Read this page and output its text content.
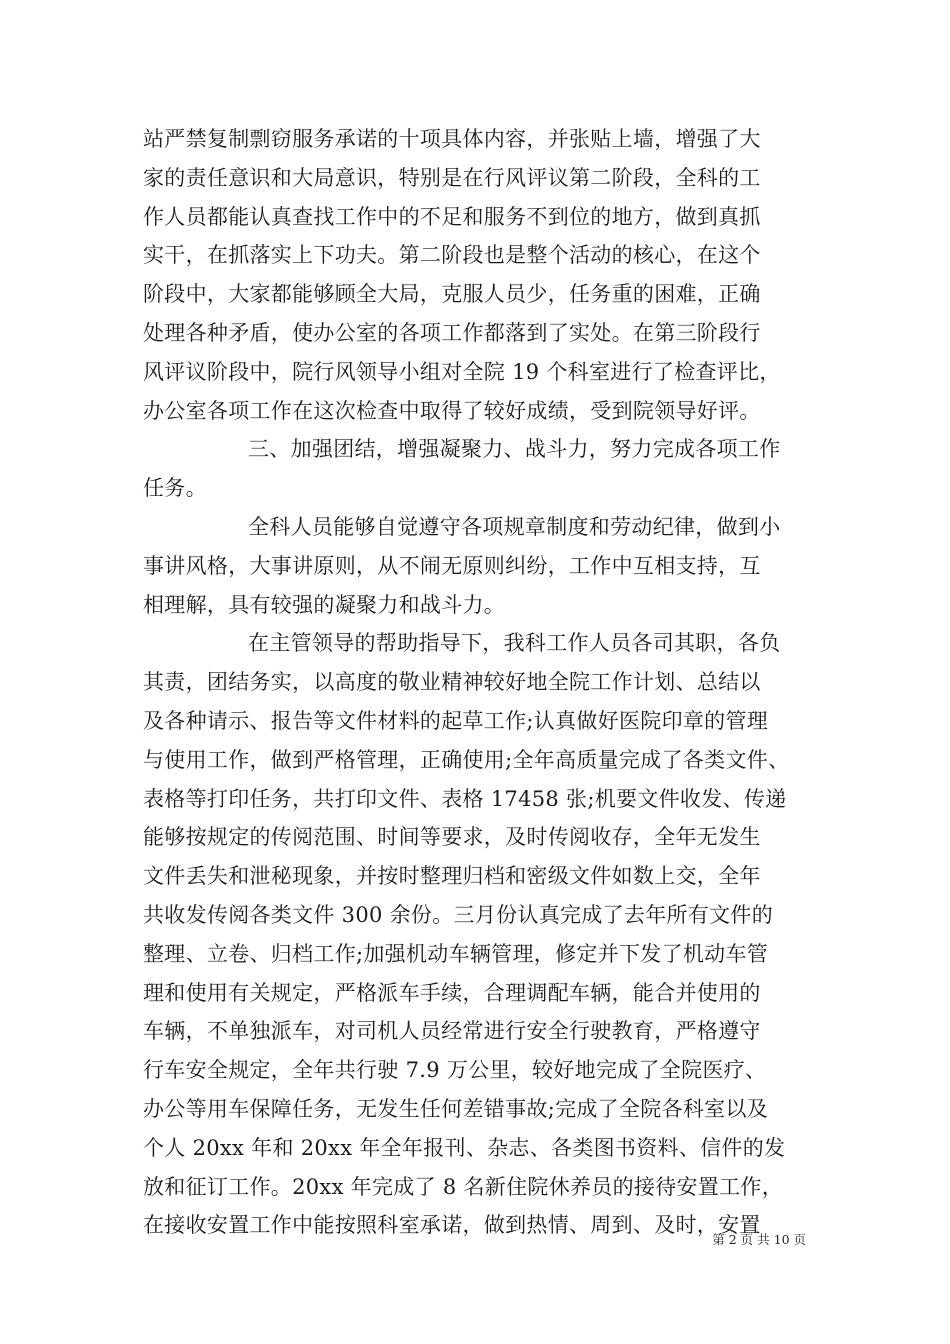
站严禁复制剽窃服务承诺的十项具体内容，并张贴上墙，增强了大
家的责任意识和大局意识，特别是在行风评议第二阶段，全科的工
作人员都能认真查找工作中的不足和服务不到位的地方，做到真抓
实干，在抓落实上下功夫。第二阶段也是整个活动的核心，在这个
阶段中，大家都能够顾全大局，克服人员少，任务重的困难，正确
处理各种矛盾，使办公室的各项工作都落到了实处。在第三阶段行
风评议阶段中，院行风领导小组对全院 19 个科室进行了检查评比，
办公室各项工作在这次检查中取得了较好成绩，受到院领导好评。
三、加强团结，增强凝聚力、战斗力，努力完成各项工作
任务。
全科人员能够自觉遵守各项规章制度和劳动纪律，做到小
事讲风格，大事讲原则，从不闹无原则纠纷，工作中互相支持，互
相理解，具有较强的凝聚力和战斗力。
在主管领导的帮助指导下，我科工作人员各司其职，各负
其责，团结务实，以高度的敬业精神较好地全院工作计划、总结以
及各种请示、报告等文件材料的起草工作;认真做好医院印章的管理
与使用工作，做到严格管理，正确使用;全年高质量完成了各类文件、
表格等打印任务，共打印文件、表格 17458 张;机要文件收发、传递
能够按规定的传阅范围、时间等要求，及时传阅收存，全年无发生
文件丢失和泄秘现象，并按时整理归档和密级文件如数上交，全年
共收发传阅各类文件 300 余份。三月份认真完成了去年所有文件的
整理、立卷、归档工作;加强机动车辆管理，修定并下发了机动车管
理和使用有关规定，严格派车手续，合理调配车辆，能合并使用的
车辆，不单独派车，对司机人员经常进行安全行驶教育，严格遵守
行车安全规定，全年共行驶 7.9 万公里，较好地完成了全院医疗、
办公等用车保障任务，无发生任何差错事故;完成了全院各科室以及
个人 20xx 年和 20xx 年全年报刊、杂志、各类图书资料、信件的发
放和征订工作。20xx 年完成了 8 名新住院休养员的接待安置工作，
在接收安置工作中能按照科室承诺，做到热情、周到、及时，安置
第 2 页 共 10 页
